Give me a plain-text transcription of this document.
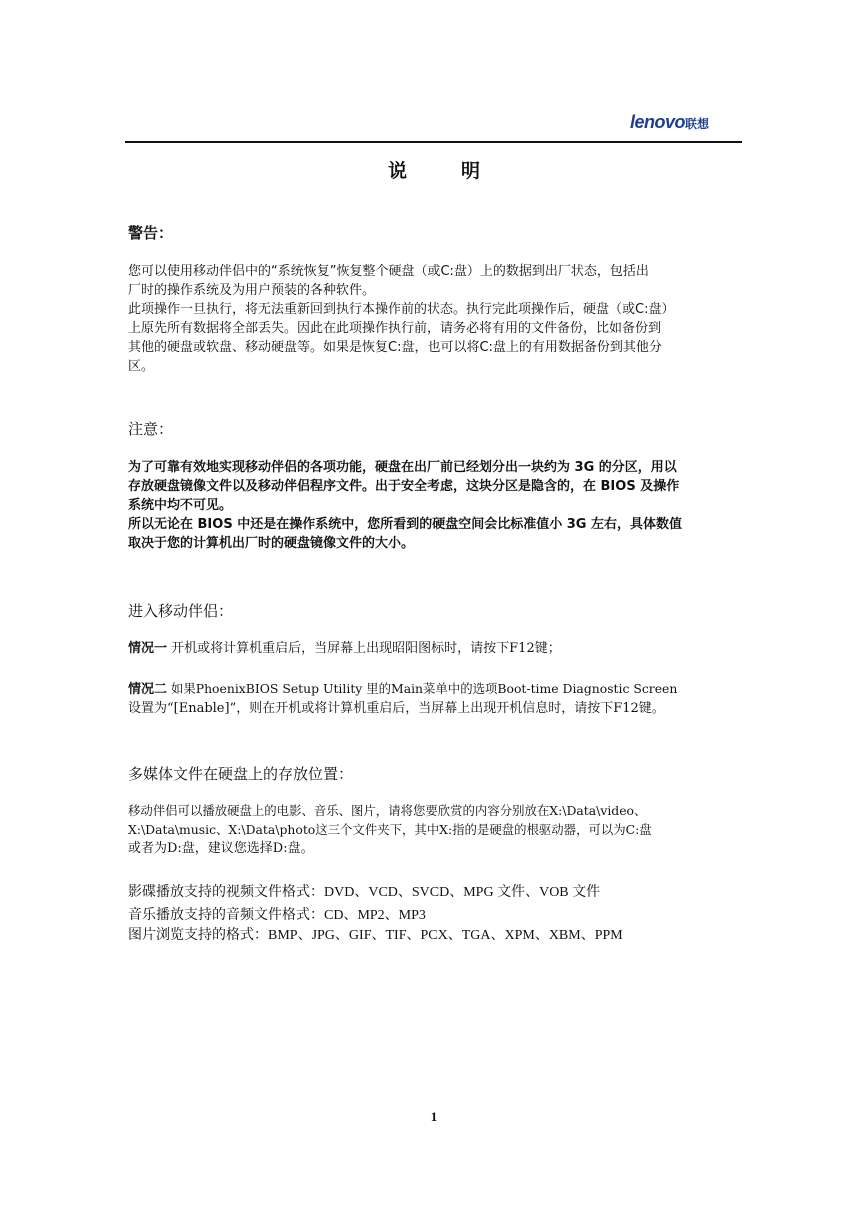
lenovo联想
说	明
警告：
您可以使用移动伴侣中的“系统恢复”恢复整个硬盘（或C:盘）上的数据到出厂状态，包括出
厂时的操作系统及为用户预装的各种软件。
此项操作一旦执行，将无法重新回到执行本操作前的状态。执行完此项操作后，硬盘（或C:盘）
上原先所有数据将全部丢失。因此在此项操作执行前，请务必将有用的文件备份，比如备份到
其他的硬盘或软盘、移动硬盘等。如果是恢复C:盘，也可以将C:盘上的有用数据备份到其他分
区。
注意：
为了可靠有效地实现移动伴侣的各项功能，硬盘在出厂前已经划分出一块约为 3G 的分区，用以
存放硬盘镜像文件以及移动伴侣程序文件。出于安全考虑，这块分区是隐含的，在 BIOS 及操作
系统中均不可见。
所以无论在 BIOS 中还是在操作系统中，您所看到的硬盘空间会比标准值小 3G 左右，具体数值
取决于您的计算机出厂时的硬盘镜像文件的大小。
进入移动伴侣：
情况一 开机或将计算机重启后，当屏幕上出现昭阳图标时，请按下F12键；
情况二 如果PhoenixBIOS Setup Utility 里的Main菜单中的选项Boot-time Diagnostic Screen
设置为“[Enable]”，则在开机或将计算机重启后，当屏幕上出现开机信息时，请按下F12键。
多媒体文件在硬盘上的存放位置：
移动伴侣可以播放硬盘上的电影、音乐、图片，请将您要欣赏的内容分别放在X:\Data\video、
X:\Data\music、X:\Data\photo这三个文件夹下，其中X:指的是硬盘的根驱动器，可以为C:盘
或者为D:盘，建议您选择D:盘。
影碟播放支持的视频文件格式：DVD、VCD、SVCD、MPG 文件、VOB 文件
音乐播放支持的音频文件格式：CD、MP2、MP3
图片浏览支持的格式：BMP、JPG、GIF、TIF、PCX、TGA、XPM、XBM、PPM
1
